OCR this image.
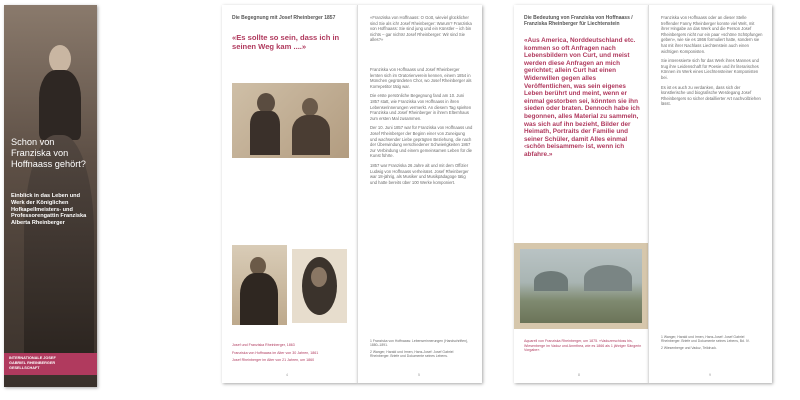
Schon von Franziska von Hoffnaass gehört?
Einblick in das Leben und Werk der Königlichen Hofkapellmeisters- und Professorengattin Franziska Alberta Rheinberger
INTERNATIONALE JOSEF GABRIEL RHEINBERGER GESELLSCHAFT
Die Begegnung mit Josef Rheinberger 1857
«Es sollte so sein, dass ich in seinen Weg kam ....»
Josef und Franziska Rheinberger, 1863
Franziska von Hoffnaass im Alter von 30 Jahren, 1861
Josef Rheinberger im Alter von 21 Jahren, um 1860
4
«Franziska von Hoffnaass: O Gott, wieviel glücklicher sind Sie als ich! Josef Rheinberger: Warum? Franziska von Hoffnaass: Sie sind jung und ein Künstler – ich bin nichts – gar nichts! Josef Rheinberger: Wir sind Sie alles?»

Franziska von Hoffnaass und Josef Rheinberger lernten sich im Oratorienverein kennen, einem 1854 in München gegründeten Chor, wo Josef Rheinberger als Korrepetitor tätig war.

Die erste persönliche Begegnung fand am 10. Juni 1857 statt, wie Franziska von Hoffnaass in ihren Lebenserinnerungen vermerkt. An diesem Tag spielten Franziska und Josef Rheinberger in ihrem Elternhaus zum ersten Mal zusammen.

Der 10. Juni 1857 war für Franziska von Hoffnaass und Josef Rheinberger der Beginn einer von Zuneigung und wachsender Liebe geprägten Beziehung, die nach der Überwindung verschiedener Schwierigkeiten 1867 zur Verbindung und einem gemeinsamen Leben für die Kunst führte.

1857 war Franziska 26 Jahre alt und mit dem Offizier Ludwig von Hoffnaass verheiratet. Josef Rheinberger war 18-jährig, als Musiker und Musikpädagoge tätig und hatte bereits über 100 Werke komponiert.

1 Franziska von Hoffnaass: Lebenserinnerungen (Handschriften), 1880–1891.
2 Wanger, Harald und Irmen, Hans-Josef: Josef Gabriel Rheinberger. Briefe und Dokumente seines Lebens.
5
Die Bedeutung von Franziska von Hoffnaass / Franziska Rheinberger für Liechtenstein
«Aus America, Norddeutschland etc. kommen so oft Anfragen nach Lebensbildern von Curt, und meist werden diese Anfragen an mich gerichtet; allein Curt hat einen Widerwillen gegen alles Veröffentlichen, was sein eigenes Leben berührt und meint, wenn er einmal gestorben sei, könnten sie ihn sieden oder braten. Dennoch habe ich begonnen, alles Material zu sammeln, was sich auf ihn bezieht, Bilder der Heimath, Portraits der Familie und seiner Schüler, damit Alles einmal ‹schön beisammen› ist, wenn ich abfahre.»
Aquarell von Franziska Rheinberger, um 1875. «Vaduzerschloss bis, Wiesenberge im Vaduz und Anmthea, wie es 1866 als 1 jähriger Sängerin Vorgabe».
8

Franziska von Hoffnaass oder an dieser Stelle treffender Fanny Rheinberger konnte viel Welt, mit ihrer Hingabe an das Werk und die Person Josef Rheinbergers nicht nur ein paar «schöne Schöpfungen geben», wie sie es 1866 formuliert hatte, sondern sie hat mit ihrer Nachlass Liechtenstein auch einen wichtigen Komponisten.

Sie interessierte sich für das Werk ihres Mannes und trug ihre Leidenschaft für Poesie und ihr literarisches Können im Werk eines Liechtensteiner Komponisten bei.

Es ist es auch zu verdanken, dass sich der künstlerische und biografische Werdegang Josef Rheinbergers so sicher detaillierter Art nachvollziehen lässt.

1 Wanger, Harald und Irmen, Hans-Josef: Josef Gabriel Rheinberger. Briefe und Dokumente seines Lebens, Bd. IV.
2 Wiesenberge und Vaduz, Teildruck.
9
